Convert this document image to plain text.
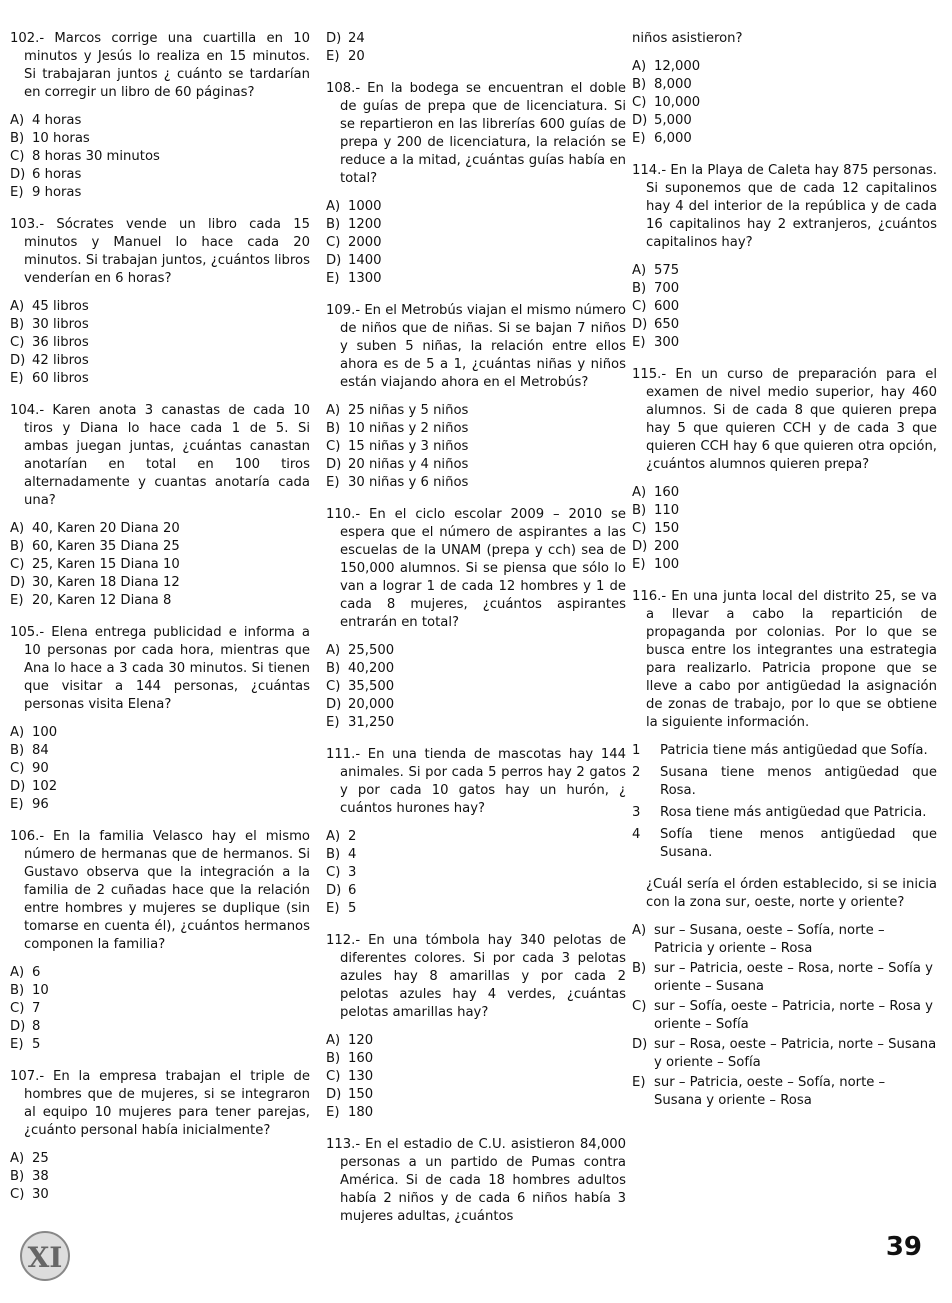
102.- Marcos corrige una cuartilla en 10 minutos y Jesús lo realiza en 15 minutos. Si trabajaran juntos ¿ cuánto se tardarían en corregir un libro de 60 páginas?
A) 4 horas
B) 10 horas
C) 8 horas 30 minutos
D) 6 horas
E) 9 horas
103.- Sócrates vende un libro cada 15 minutos y Manuel lo hace cada 20 minutos. Si trabajan juntos, ¿cuántos libros venderían en 6 horas?
A) 45 libros
B) 30 libros
C) 36 libros
D) 42 libros
E) 60 libros
104.- Karen anota 3 canastas de cada 10 tiros y Diana lo hace cada 1 de 5. Si ambas juegan juntas, ¿cuántas canastan anotarían en total en 100 tiros alternadamente y cuantas anotaría cada una?
A) 40, Karen 20 Diana 20
B) 60, Karen 35 Diana 25
C) 25, Karen 15 Diana 10
D) 30, Karen 18 Diana 12
E) 20, Karen 12 Diana 8
105.- Elena entrega publicidad e informa a 10 personas por cada hora, mientras que Ana lo hace a 3 cada 30 minutos. Si tienen que visitar a 144 personas, ¿cuántas personas visita Elena?
A) 100
B) 84
C) 90
D) 102
E) 96
106.- En la familia Velasco hay el mismo número de hermanas que de hermanos. Si Gustavo observa que la integración a la familia de 2 cuñadas hace que la relación entre hombres y mujeres se duplique (sin tomarse en cuenta él), ¿cuántos hermanos componen la familia?
A) 6
B) 10
C) 7
D) 8
E) 5
107.- En la empresa trabajan el triple de hombres que de mujeres, si se integraron al equipo 10 mujeres para tener parejas, ¿cuánto personal había inicialmente?
A) 25
B) 38
C) 30
D) 24
E) 20
108.- En la bodega se encuentran el doble de guías de prepa que de licenciatura. Si se repartieron en las librerías 600 guías de prepa y 200 de licenciatura, la relación se reduce a la mitad, ¿cuántas guías había en total?
A) 1000
B) 1200
C) 2000
D) 1400
E) 1300
109.- En el Metrobús viajan el mismo número de niños que de niñas. Si se bajan 7 niños y suben 5 niñas, la relación entre ellos ahora es de 5 a 1, ¿cuántas niñas y niños están viajando ahora en el Metrobús?
A) 25 niñas y 5 niños
B) 10 niñas y 2 niños
C) 15 niñas y 3 niños
D) 20 niñas y 4 niños
E) 30 niñas y 6 niños
110.- En el ciclo escolar 2009 – 2010 se espera que el número de aspirantes a las escuelas de la UNAM (prepa y cch) sea de 150,000 alumnos. Si se piensa que sólo lo van a lograr 1 de cada 12 hombres y 1 de cada 8 mujeres, ¿cuántos aspirantes entrarán en total?
A) 25,500
B) 40,200
C) 35,500
D) 20,000
E) 31,250
111.- En una tienda de mascotas hay 144 animales. Si por cada 5 perros hay 2 gatos y por cada 10 gatos hay un hurón, ¿ cuántos hurones hay?
A) 2
B) 4
C) 3
D) 6
E) 5
112.- En una tómbola hay 340 pelotas de diferentes colores. Si por cada 3 pelotas azules hay 8 amarillas y por cada 2 pelotas azules hay 4 verdes, ¿cuántas pelotas amarillas hay?
A) 120
B) 160
C) 130
D) 150
E) 180
113.- En el estadio de C.U. asistieron 84,000 personas a un partido de Pumas contra América. Si de cada 18 hombres adultos había 2 niños y de cada 6 niños había 3 mujeres adultas, ¿cuántos
niños asistieron?
A) 12,000
B) 8,000
C) 10,000
D) 5,000
E) 6,000
114.- En la Playa de Caleta hay 875 personas. Si suponemos que de cada 12 capitalinos hay 4 del interior de la república y de cada 16 capitalinos hay 2 extranjeros, ¿cuántos capitalinos hay?
A) 575
B) 700
C) 600
D) 650
E) 300
115.- En un curso de preparación para el examen de nivel medio superior, hay 460 alumnos. Si de cada 8 que quieren prepa hay 5 que quieren CCH y de cada 3 que quieren CCH hay 6 que quieren otra opción, ¿cuántos alumnos quieren prepa?
A) 160
B) 110
C) 150
D) 200
E) 100
116.- En una junta local del distrito 25, se va a llevar a cabo la repartición de propaganda por colonias. Por lo que se busca entre los integrantes una estrategia para realizarlo. Patricia propone que se lleve a cabo por antigüedad la asignación de zonas de trabajo, por lo que se obtiene la siguiente información.
1 Patricia tiene más antigüedad que Sofía.
2 Susana tiene menos antigüedad que Rosa.
3 Rosa tiene más antigüedad que Patricia.
4 Sofía tiene menos antigüedad que Susana.
¿Cuál sería el órden establecido, si se inicia con la zona sur, oeste, norte y oriente?
A) sur – Susana, oeste – Sofía, norte – Patricia y oriente – Rosa
B) sur – Patricia, oeste – Rosa, norte – Sofía y oriente – Susana
C) sur – Sofía, oeste – Patricia, norte – Rosa y oriente – Sofía
D) sur – Rosa, oeste – Patricia, norte – Susana y oriente – Sofía
E) sur – Patricia, oeste – Sofía, norte – Susana y oriente – Rosa
XI	39
